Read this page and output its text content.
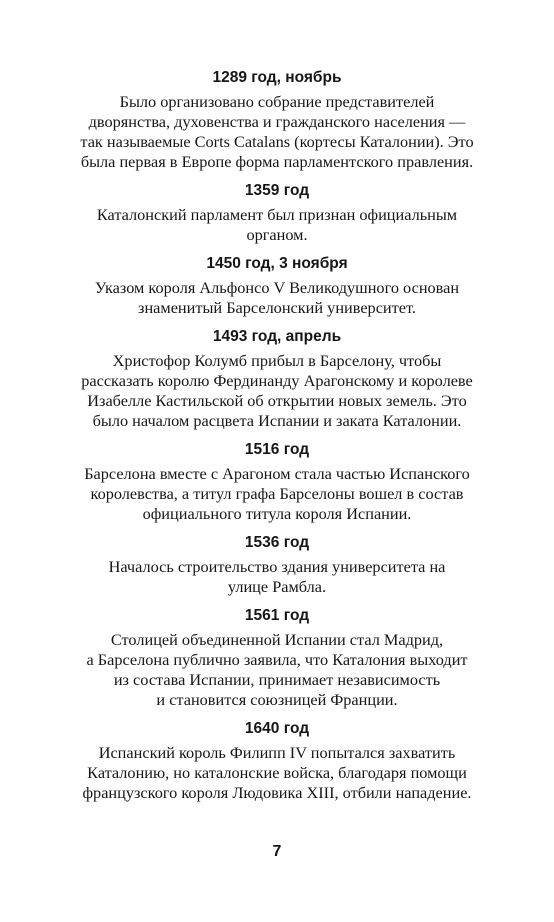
1289 год, ноябрь
Было организовано собрание представителей
дворянства, духовенства и гражданского населения —
так называемые Corts Catalans (кортесы Каталонии). Это
была первая в Европе форма парламентского правления.
1359 год
Каталонский парламент был признан официальным
органом.
1450 год, 3 ноября
Указом короля Альфонсо V Великодушного основан
знаменитый Барселонский университет.
1493 год, апрель
Христофор Колумб прибыл в Барселону, чтобы
рассказать королю Фердинанду Арагонскому и королеве
Изабелле Кастильской об открытии новых земель. Это
было началом расцвета Испании и заката Каталонии.
1516 год
Барселона вместе с Арагоном стала частью Испанского
королевства, а титул графа Барселоны вошел в состав
официального титула короля Испании.
1536 год
Началось строительство здания университета на
улице Рамбла.
1561 год
Столицей объединенной Испании стал Мадрид,
а Барселона публично заявила, что Каталония выходит
из состава Испании, принимает независимость
и становится союзницей Франции.
1640 год
Испанский король Филипп IV попытался захватить
Каталонию, но каталонские войска, благодаря помощи
французского короля Людовика XIII, отбили нападение.
7
